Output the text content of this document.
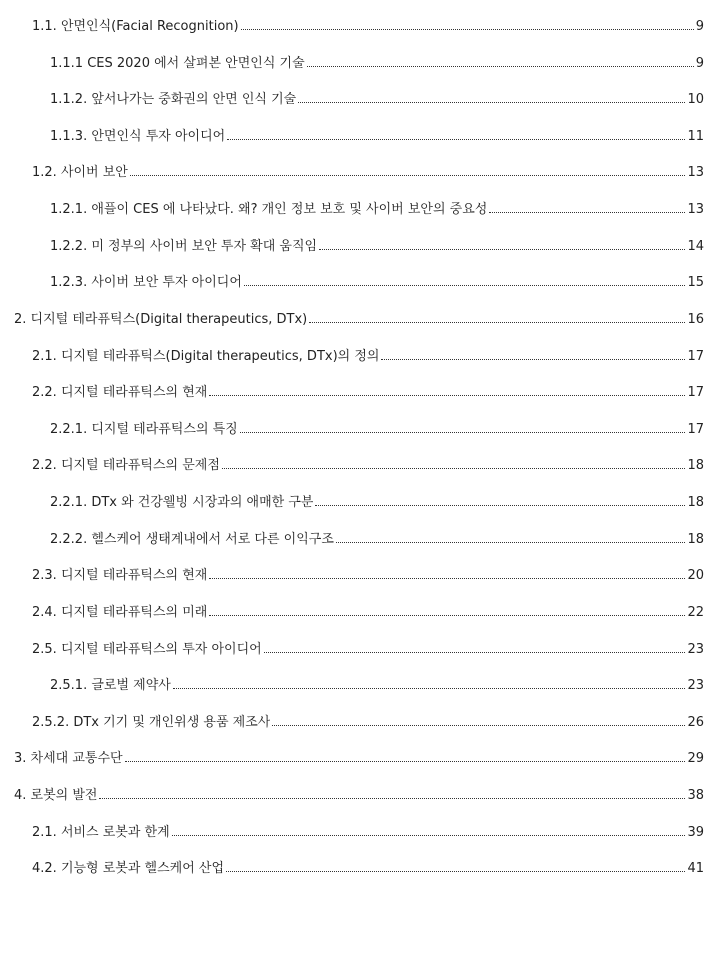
1.1. 안면인식(Facial Recognition)	9
1.1.1 CES 2020 에서 살펴본 안면인식 기술	9
1.1.2. 앞서나가는 중화권의 안면 인식 기술	10
1.1.3. 안면인식 투자 아이디어	11
1.2. 사이버 보안	13
1.2.1. 애플이 CES 에 나타났다. 왜? 개인 정보 보호 및 사이버 보안의 중요성	13
1.2.2. 미 정부의 사이버 보안 투자 확대 움직임	14
1.2.3. 사이버 보안 투자 아이디어	15
2. 디지털 테라퓨틱스(Digital therapeutics, DTx)	16
2.1. 디지털 테라퓨틱스(Digital therapeutics, DTx)의 정의	17
2.2. 디지털 테라퓨틱스의 현재	17
2.2.1. 디지털 테라퓨틱스의 특징	17
2.2. 디지털 테라퓨틱스의 문제점	18
2.2.1. DTx 와 건강웰빙 시장과의 애매한 구분	18
2.2.2. 헬스케어 생태계내에서 서로 다른 이익구조	18
2.3. 디지털 테라퓨틱스의 현재	20
2.4. 디지털 테라퓨틱스의 미래	22
2.5. 디지털 테라퓨틱스의 투자 아이디어	23
2.5.1. 글로벌 제약사	23
2.5.2. DTx 기기 및 개인위생 용품 제조사	26
3. 차세대 교통수단	29
4. 로봇의 발전	38
2.1. 서비스 로봇과 한계	39
4.2. 기능형 로봇과 헬스케어 산업	41
